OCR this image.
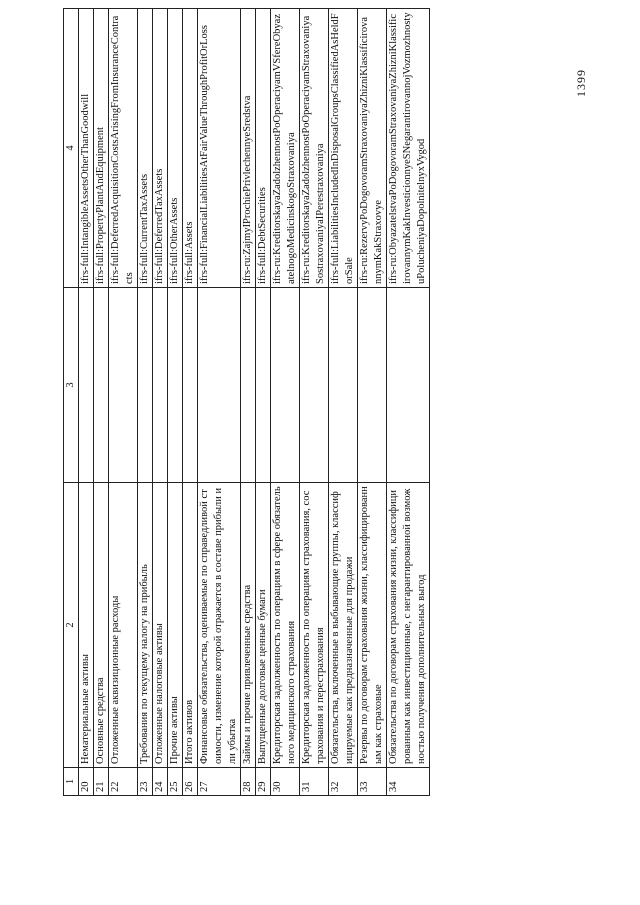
1	2	3	4
20	Нематериальные активы		ifrs-full:IntangibleAssetsOtherThanGoodwill
21	Основные средства		ifrs-full:PropertyPlantAndEquipment
22	Отложенные аквизиционные расходы		ifrs-full:DeferredAcquisitionCostsArisingFromInsuranceContracts
23	Требования по текущему налогу на прибыль		ifrs-full:CurrentTaxAssets
24	Отложенные налоговые активы		ifrs-full:DeferredTaxAssets
25	Прочие активы		ifrs-full:OtherAssets
26	Итого активов		ifrs-full:Assets
27	Финансовые обязательства, оцениваемые по справедливой стоимости, изменение которой отражается в составе прибыли или убытка		ifrs-full:FinancialLiabilitiesAtFairValueThroughProfitOrLoss
28	Займы и прочие привлеченные средства		ifrs-ru:ZajmyIProchiePrivlechennyeSredstva
29	Выпущенные долговые ценные бумаги		ifrs-full:DebtSecurities
30	Кредиторская задолженность по операциям в сфере обязательного медицинского страхования		ifrs-ru:KreditorskayaZadolzhennostPoOperaciyamVSfereObyazatelnogoMedicinskogoStraxovaniya
31	Кредиторская задолженность по операциям страхования, сострахования и перестрахования		ifrs-ru:KreditorskayaZadolzhennostPoOperaciyamStraxovaniyaSostraxovaniyaIPerestraxovaniya
32	Обязательства, включенные в выбывающие группы, классифицируемые как предназначенные для продажи		ifrs-full:LiabilitiesIncludedInDisposalGroupsClassifiedAsHeldForSale
33	Резервы по договорам страхования жизни, классифицированным как страховые		ifrs-ru:RezervyPoDogovoramStraxovaniyaZhizniKlassificirovannymKakStraxovye
34	Обязательства по договорам страхования жизни, классифицированным как инвестиционные, с негарантированной возможностью получения дополнительных выгод		ifrs-ru:ObyazatelstvaPoDogovoramStraxovaniyaZhizniKlassificirovannymKakInvesticionnyeSNegarantirovannojVozmozhnostyuPolucheniyaDopolnitelnyxVygod
1399
